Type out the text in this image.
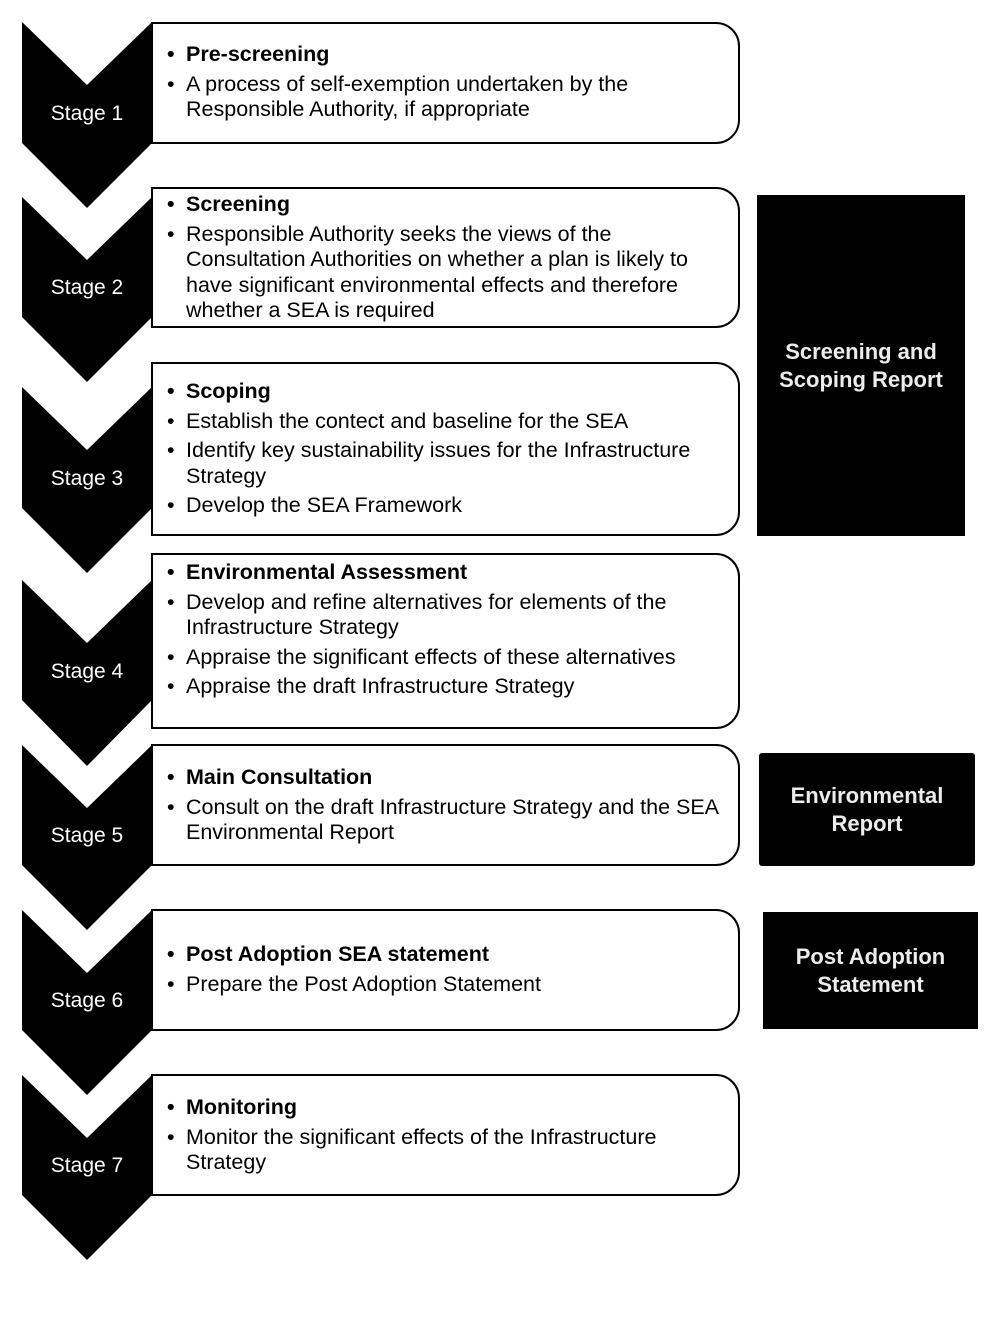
Stage 1
Stage 2
Stage 3
Stage 4
Stage 5
Stage 6
Stage 7
• Pre-screening
• A process of self-exemption undertaken by the Responsible Authority, if appropriate
• Screening
• Responsible Authority seeks the views of the Consultation Authorities on whether a plan is likely to have significant environmental effects and therefore whether a SEA is required
• Scoping
• Establish the contect and baseline for the SEA
• Identify key sustainability issues for the Infrastructure Strategy
• Develop the SEA Framework
• Environmental Assessment
• Develop and refine alternatives for elements of the Infrastructure Strategy
• Appraise the significant effects of these alternatives
• Appraise the draft Infrastructure Strategy
• Main Consultation
• Consult on the draft Infrastructure Strategy and the SEA Environmental Report
• Post Adoption SEA statement
• Prepare the Post Adoption Statement
• Monitoring
• Monitor the significant effects of the Infrastructure Strategy
Screening and Scoping Report
Environmental Report
Post Adoption Statement
